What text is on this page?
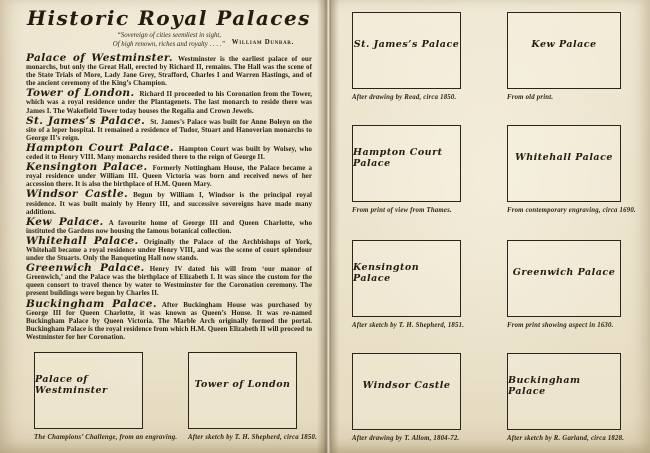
Historic Royal Palaces
“Sovereign of cities seemliest in sight,
Of high renown, riches and royalty . . . .” William Dunbar.
Palace of Westminster. Westminster is the earliest palace of our monarchs, but only the Great Hall, erected by Richard II, remains. The Hall was the scene of the State Trials of More, Lady Jane Grey, Strafford, Charles I and Warren Hastings, and of the ancient ceremony of the King’s Champion.
Tower of London. Richard II proceeded to his Coronation from the Tower, which was a royal residence under the Plantagenets. The last monarch to reside there was James I. The Wakefield Tower today houses the Regalia and Crown Jewels.
St. James’s Palace. St. James’s Palace was built for Anne Boleyn on the site of a leper hospital. It remained a residence of Tudor, Stuart and Hanoverian monarchs to George II’s reign.
Hampton Court Palace. Hampton Court was built by Wolsey, who ceded it to Henry VIII. Many monarchs resided there to the reign of George II.
Kensington Palace. Formerly Nottingham House, the Palace became a royal residence under William III. Queen Victoria was born and received news of her accession there. It is also the birthplace of H.M. Queen Mary.
Windsor Castle. Begun by William I, Windsor is the principal royal residence. It was built mainly by Henry III, and successive sovereigns have made many additions.
Kew Palace. A favourite home of George III and Queen Charlotte, who instituted the Gardens now housing the famous botanical collection.
Whitehall Palace. Originally the Palace of the Archbishops of York, Whitehall became a royal residence under Henry VIII, and was the scene of court splendour under the Stuarts. Only the Banqueting Hall now stands.
Greenwich Palace. Henry IV dated his will from ‘our manor of Greenwich,’ and the Palace was the birthplace of Elizabeth I. It was since the custom for the queen consort to travel thence by water to Westminster for the Coronation ceremony. The present buildings were begun by Charles II.
Buckingham Palace. After Buckingham House was purchased by George III for Queen Charlotte, it was known as Queen’s House. It was re-named Buckingham Palace by Queen Victoria. The Marble Arch originally formed the portal. Buckingham Palace is the royal residence from which H.M. Queen Elizabeth II will proceed to Westminster for her Coronation.
Palace of Westminster
The Champions’ Challenge, from an engraving.
Tower of London
After sketch by T. H. Shepherd, circa 1850.
St. James’s Palace
After drawing by Read, circa 1850.
Kew Palace
From old print.
Hampton Court Palace
From print of view from Thames.
Whitehall Palace
From contemporary engraving, circa 1690.
Kensington Palace
After sketch by T. H. Shepherd, 1851.
Greenwich Palace
From print showing aspect in 1630.
Windsor Castle
After drawing by T. Allom, 1804-72.
Buckingham Palace
After sketch by R. Garland, circa 1828.
